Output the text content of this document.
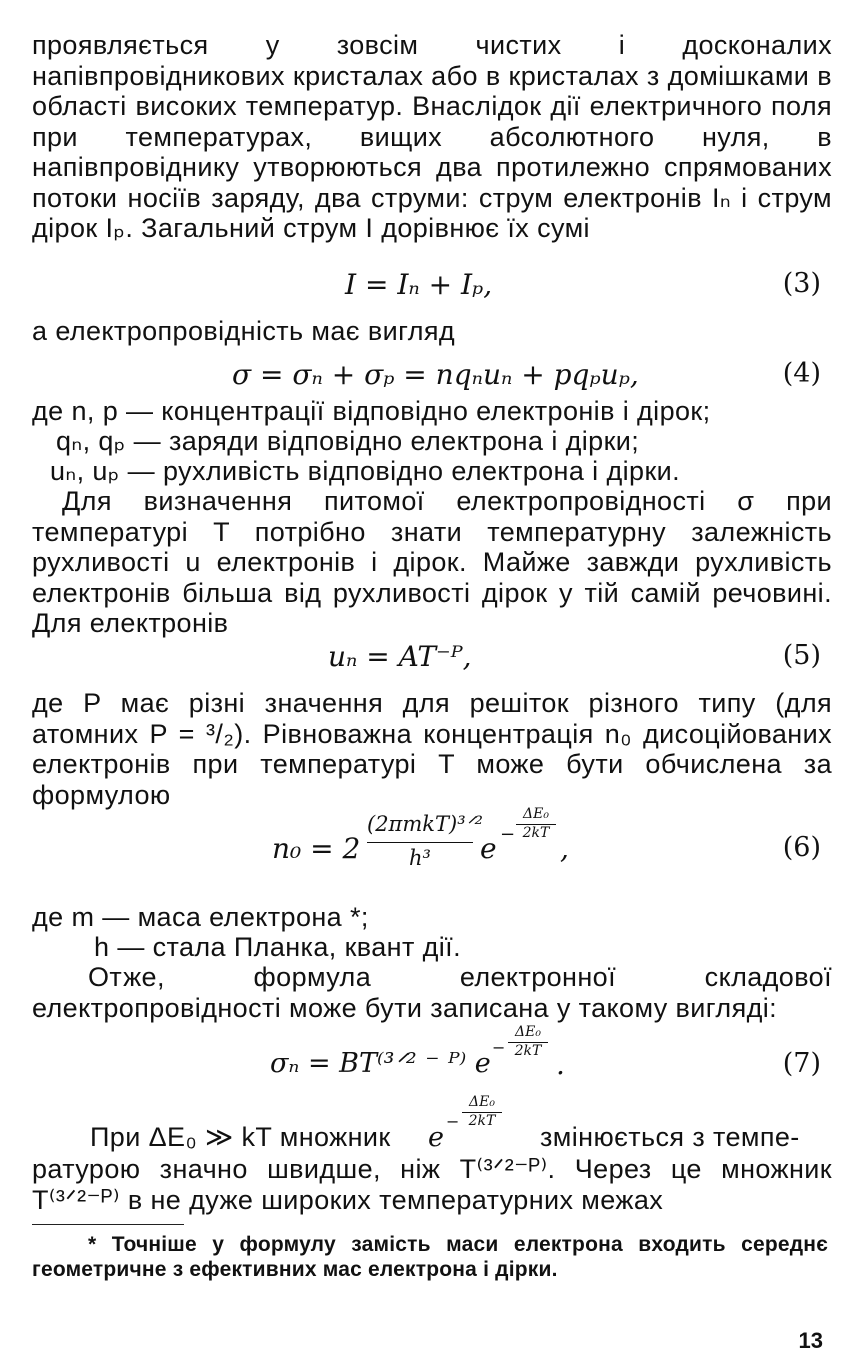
проявляється у зовсім чистих і досконалих напівпровідникових кристалах або в кристалах з домішками в області високих температур. Внаслідок дії електричного поля при температурах, вищих абсолютного нуля, в напівпровіднику утворюються два протилежно спрямованих потоки носіїв заряду, два струми: струм електронів Iₙ і струм дірок Iₚ. Загальний струм I дорівнює їх сумі
I = Iₙ + Iₚ,	(3)
а електропровідність має вигляд
σ = σₙ + σₚ = nqₙuₙ + pqₚuₚ,	(4)
де n, p — концентрації відповідно електронів і дірок;
qₙ, qₚ — заряди відповідно електрона і дірки;
uₙ, uₚ — рухливість відповідно електрона і дірки.
Для визначення питомої електропровідності σ при температурі T потрібно знати температурну залежність рухливості u електронів і дірок. Майже завжди рухливість електронів більша від рухливості дірок у тій самій речовині. Для електронів
uₙ = AT⁻ᴾ,	(5)
де P має різні значення для решіток різного типу (для атомних P = ³/₂). Рівноважна концентрація n₀ дисоційованих електронів при температурі T може бути обчислена за формулою
n₀ = 2
(2πmkT)³ᐟ²
h³	e −
ΔE₀
2kT ,	(6)
де m — маса електрона *;
h — стала Планка, квант дії.
Отже, формула електронної складової електропровідності може бути записана у такому вигляді:
σₙ = BT⁽³ᐟ² ⁻ ᴾ⁾ e
−
ΔE₀
2kT .	(7)
При ΔE₀ ≫ kT множник e
−
ΔE₀
2kT
змінюється з темпе-
ратурою значно швидше, ніж T⁽³ᐟ²⁻ᴾ⁾. Через це множник T⁽³ᐟ²⁻ᴾ⁾ в не дуже широких температурних межах
* Точніше у формулу замість маси електрона входить середнє геометричне з ефективних мас електрона і дірки.
13
